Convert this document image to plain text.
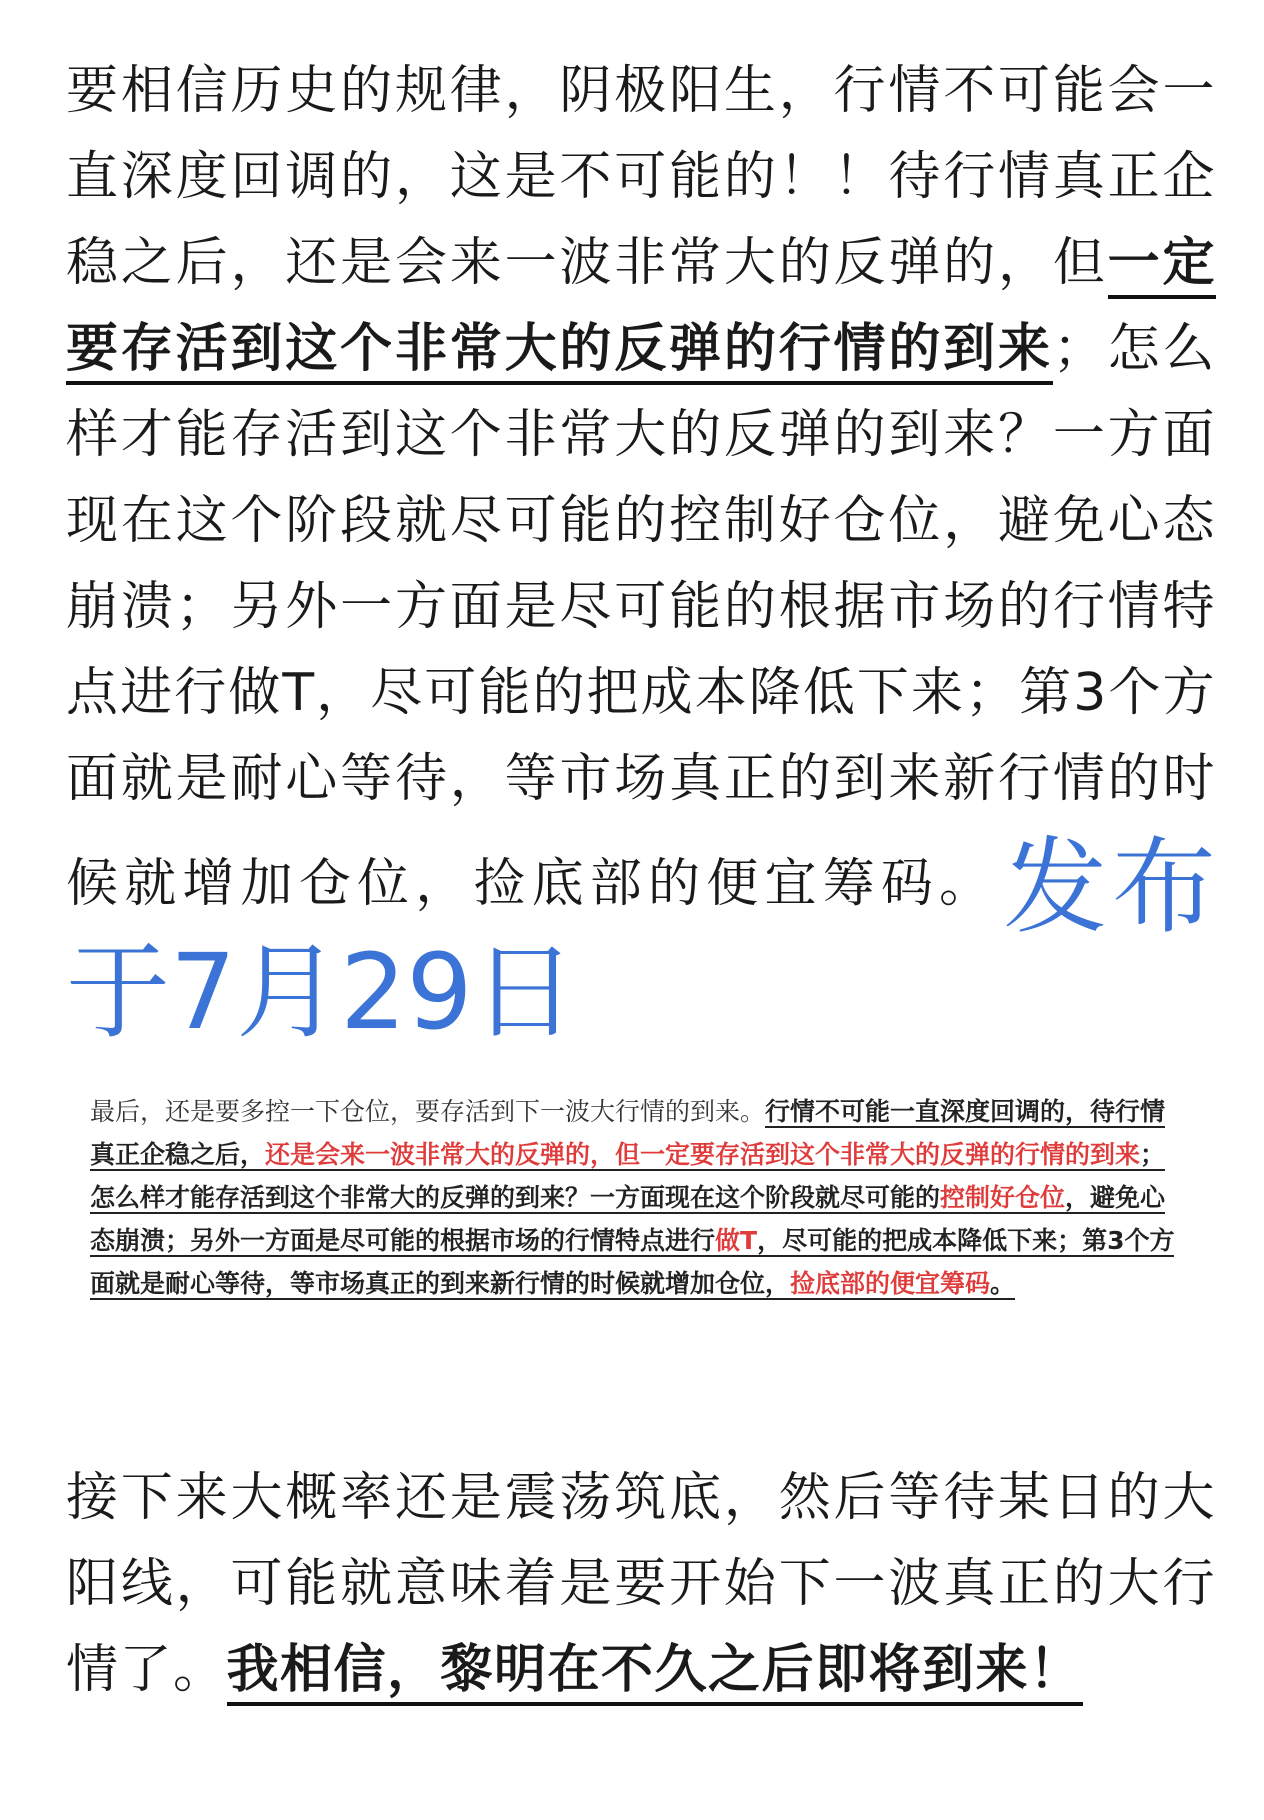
要相信历史的规律，阴极阳生，行情不可能会一直深度回调的，这是不可能的！！待行情真正企稳之后，还是会来一波非常大的反弹的，但一定要存活到这个非常大的反弹的行情的到来；怎么样才能存活到这个非常大的反弹的到来？一方面现在这个阶段就尽可能的控制好仓位，避免心态崩溃；另外一方面是尽可能的根据市场的行情特点进行做T，尽可能的把成本降低下来；第3个方面就是耐心等待，等市场真正的到来新行情的时候就增加仓位，捡底部的便宜筹码。发布于7月29日

最后，还是要多控一下仓位，要存活到下一波大行情的到来。行情不可能一直深度回调的，待行情真正企稳之后，还是会来一波非常大的反弹的，但一定要存活到这个非常大的反弹的行情的到来；怎么样才能存活到这个非常大的反弹的到来？一方面现在这个阶段就尽可能的控制好仓位，避免心态崩溃；另外一方面是尽可能的根据市场的行情特点进行做T，尽可能的把成本降低下来；第3个方面就是耐心等待，等市场真正的到来新行情的时候就增加仓位，捡底部的便宜筹码。

接下来大概率还是震荡筑底，然后等待某日的大阳线，可能就意味着是要开始下一波真正的大行情了。我相信，黎明在不久之后即将到来！
